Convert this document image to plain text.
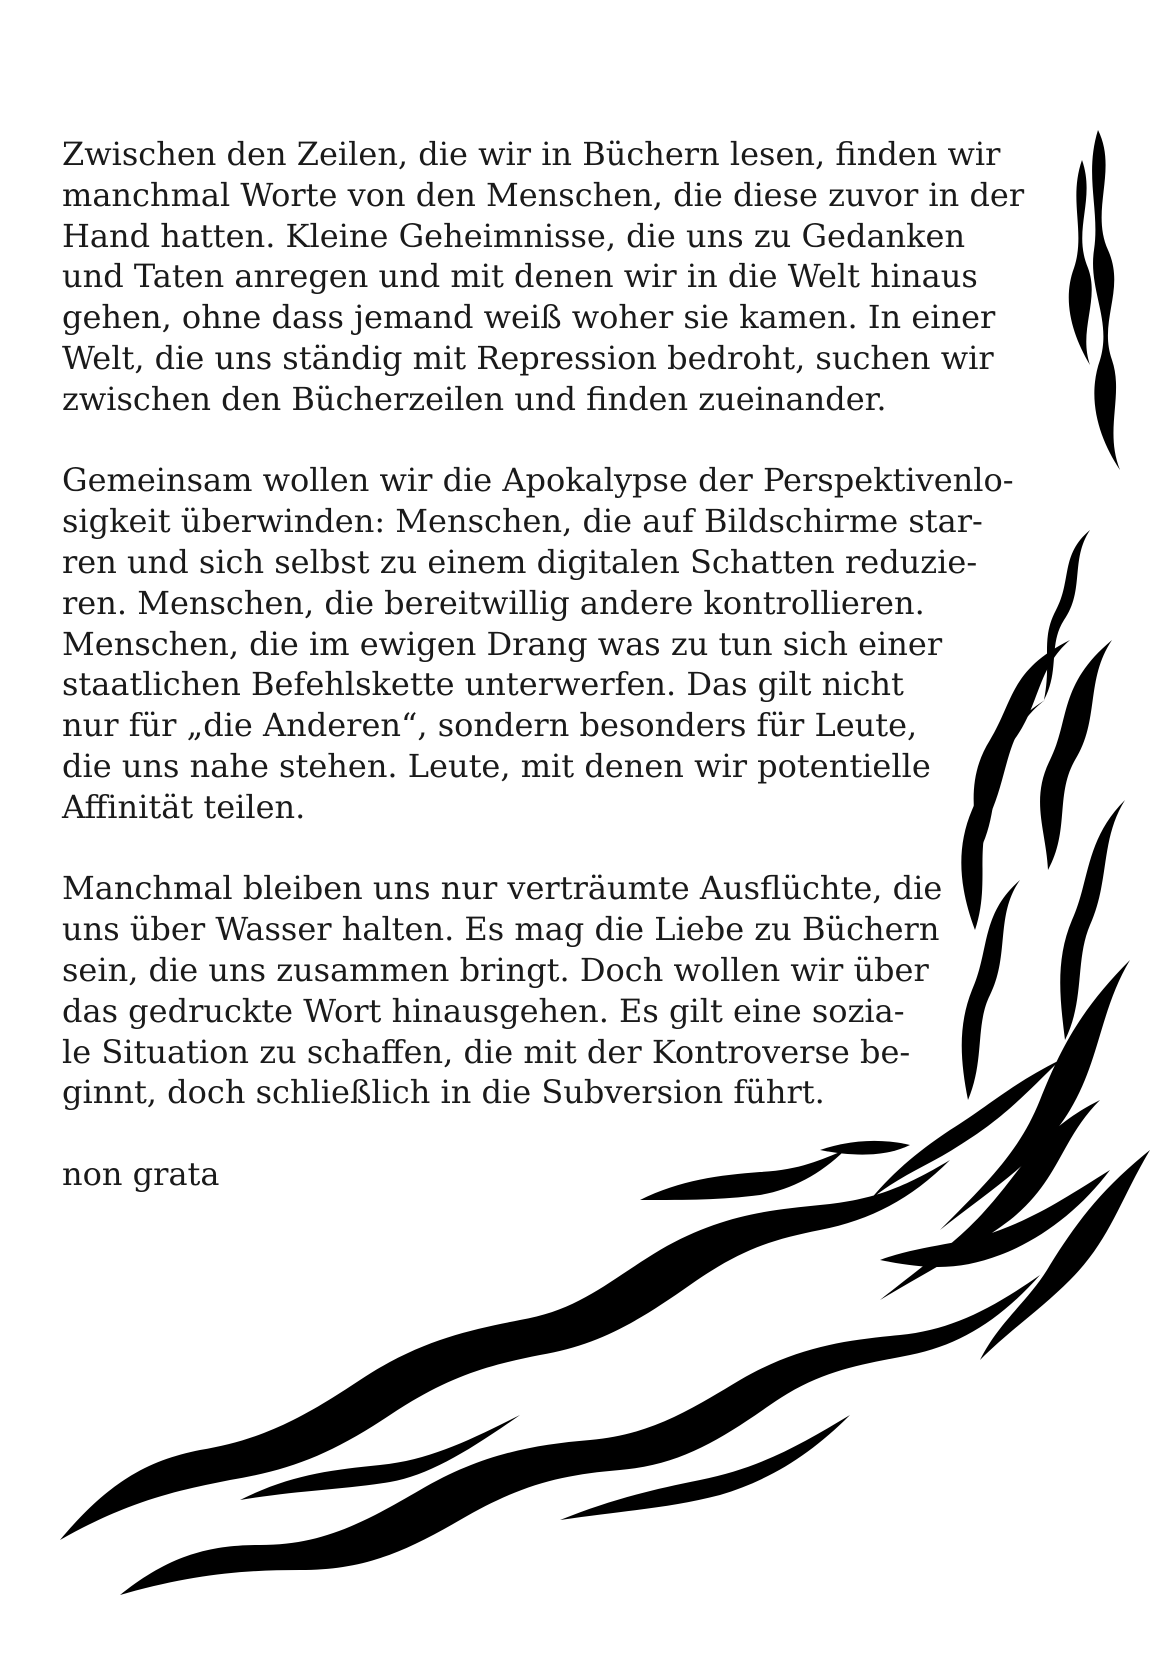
Zwischen den Zeilen, die wir in Büchern lesen, finden wir
manchmal Worte von den Menschen, die diese zuvor in der
Hand hatten. Kleine Geheimnisse, die uns zu Gedanken
und Taten anregen und mit denen wir in die Welt hinaus
gehen, ohne dass jemand weiß woher sie kamen. In einer
Welt, die uns ständig mit Repression bedroht, suchen wir
zwischen den Bücherzeilen und finden zueinander.
Gemeinsam wollen wir die Apokalypse der Perspektivenlo-
sigkeit überwinden: Menschen, die auf Bildschirme star-
ren und sich selbst zu einem digitalen Schatten reduzie-
ren. Menschen, die bereitwillig andere kontrollieren.
Menschen, die im ewigen Drang was zu tun sich einer
staatlichen Befehlskette unterwerfen. Das gilt nicht
nur für „die Anderen“, sondern besonders für Leute,
die uns nahe stehen. Leute, mit denen wir potentielle
Affinität teilen.
Manchmal bleiben uns nur verträumte Ausflüchte, die
uns über Wasser halten. Es mag die Liebe zu Büchern
sein, die uns zusammen bringt. Doch wollen wir über
das gedruckte Wort hinausgehen. Es gilt eine sozia-
le Situation zu schaffen, die mit der Kontroverse be-
ginnt, doch schließlich in die Subversion führt.
non grata
